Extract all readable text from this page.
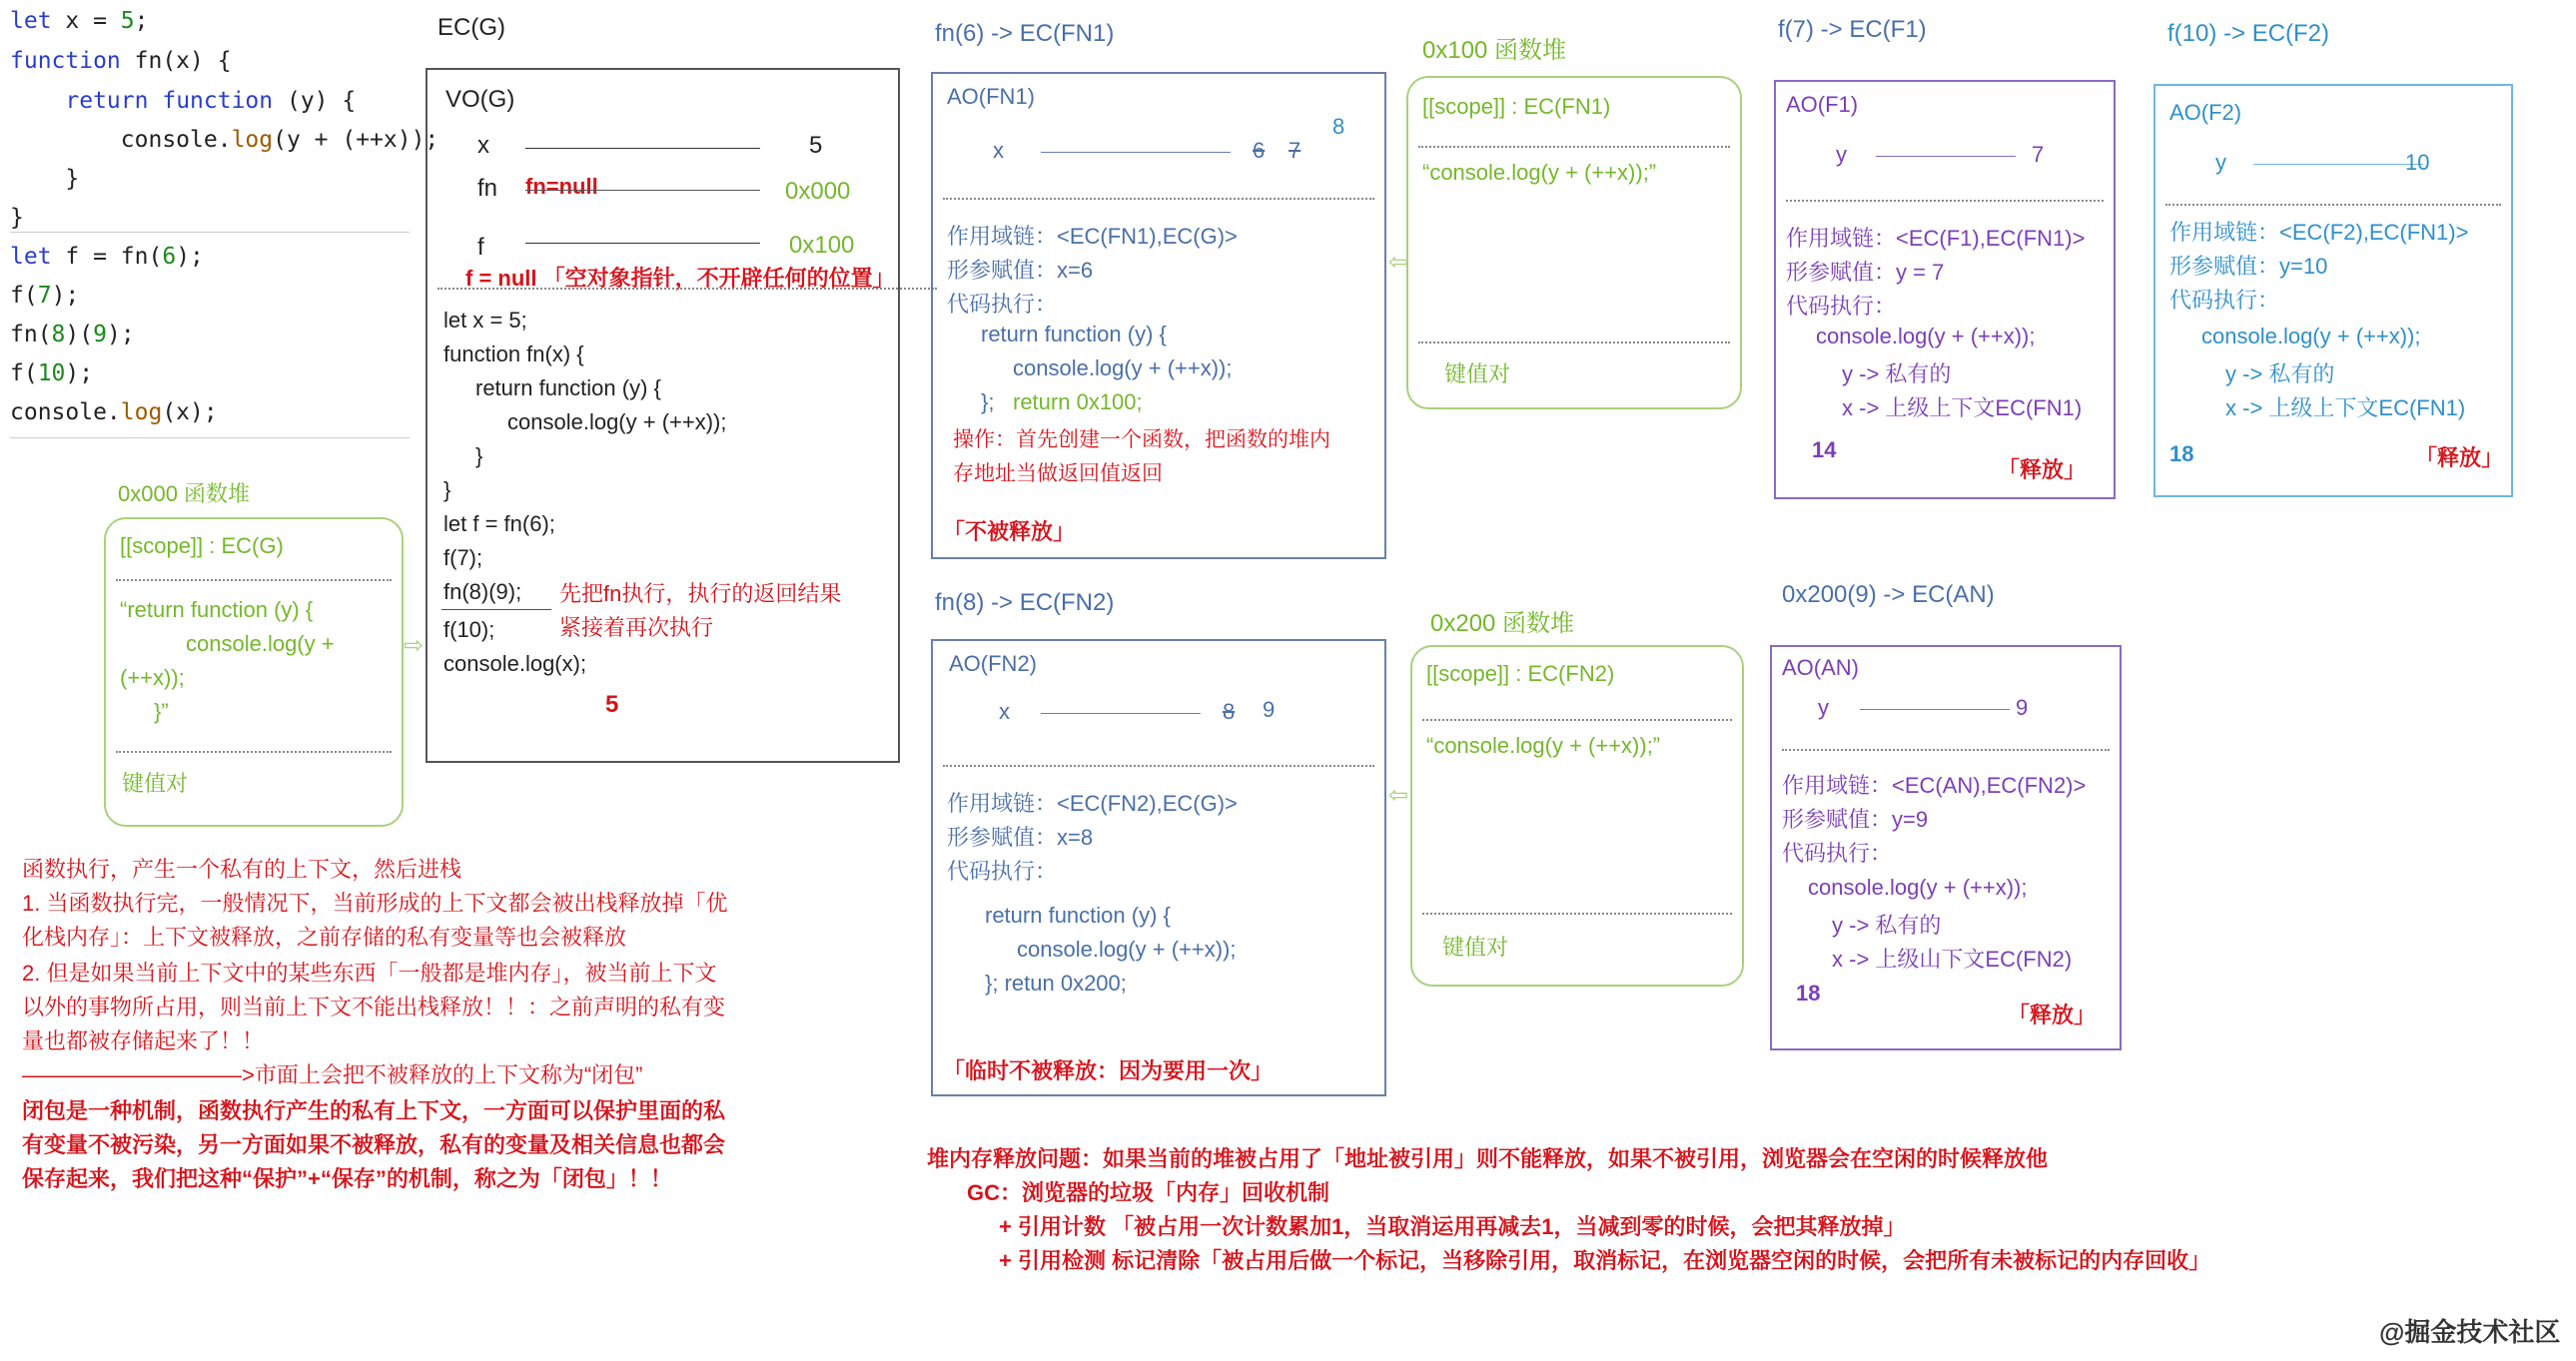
let x = 5;
function fn(x) {
return function (y) {
console.log(y + (++x));
}
}
let f = fn(6);
f(7);
fn(8)(9);
f(10);
console.log(x);
EC(G)
VO(G)
x	5
fn fn=null	0x000
f	0x100
f = null 「空对象指针，不开辟任何的位置」
let x = 5;
function fn(x) {
return function (y) {
console.log(y + (++x));
}
}
let f = fn(6);
f(7);
fn(8)(9);
f(10);
console.log(x);
5
先把fn执行，执行的返回结果
紧接着再次执行
0x000 函数堆
[[scope]] : EC(G)
“return function (y) {
console.log(y +
(++x));
}”
键值对
⇨
fn(6) -> EC(FN1)
AO(FN1)
x	6 7
8
作用域链：<EC(FN1),EC(G)>
形参赋值：x=6
代码执行：
return function (y) {
console.log(y + (++x));
}; return 0x100;
操作：首先创建一个函数，把函数的堆内
存地址当做返回值返回
「不被释放」
⇦
0x100 函数堆
[[scope]] : EC(FN1)
“console.log(y + (++x));”
键值对
f(7) -> EC(F1)
AO(F1)
y	7
作用域链：<EC(F1),EC(FN1)>
形参赋值：y = 7
代码执行：
console.log(y + (++x));
y -> 私有的
x -> 上级上下文EC(FN1)
14
「释放」
f(10) -> EC(F2)
AO(F2)
y	10
作用域链：<EC(F2),EC(FN1)>
形参赋值：y=10
代码执行：
console.log(y + (++x));
y -> 私有的
x -> 上级上下文EC(FN1)
18	「释放」
fn(8) -> EC(FN2)
AO(FN2)
x	8 9
作用域链：<EC(FN2),EC(G)>
形参赋值：x=8
代码执行：
return function (y) {
console.log(y + (++x));
}; retun 0x200;
「临时不被释放：因为要用一次」
⇦
0x200 函数堆
[[scope]] : EC(FN2)
“console.log(y + (++x));”
键值对
0x200(9) -> EC(AN)
AO(AN)
y	9
作用域链：<EC(AN),EC(FN2)>
形参赋值：y=9
代码执行：
console.log(y + (++x));
y -> 私有的
x -> 上级山下文EC(FN2)
18
「释放」
函数执行，产生一个私有的上下文，然后进栈
1. 当函数执行完，一般情况下，当前形成的上下文都会被出栈释放掉「优
化栈内存」：上下文被释放，之前存储的私有变量等也会被释放
2. 但是如果当前上下文中的某些东西「一般都是堆内存」，被当前上下文
以外的事物所占用，则当前上下文不能出栈释放！！：之前声明的私有变
量也都被存储起来了！！
——————————>市面上会把不被释放的上下文称为“闭包”
闭包是一种机制，函数执行产生的私有上下文，一方面可以保护里面的私
有变量不被污染，另一方面如果不被释放，私有的变量及相关信息也都会
保存起来，我们把这种“保护”+“保存”的机制，称之为「闭包」！！
堆内存释放问题：如果当前的堆被占用了「地址被引用」则不能释放，如果不被引用，浏览器会在空闲的时候释放他
GC：浏览器的垃圾「内存」回收机制
+ 引用计数 「被占用一次计数累加1，当取消运用再减去1，当减到零的时候，会把其释放掉」
+ 引用检测 标记清除「被占用后做一个标记，当移除引用，取消标记，在浏览器空闲的时候，会把所有未被标记的内存回收」
@掘金技术社区
